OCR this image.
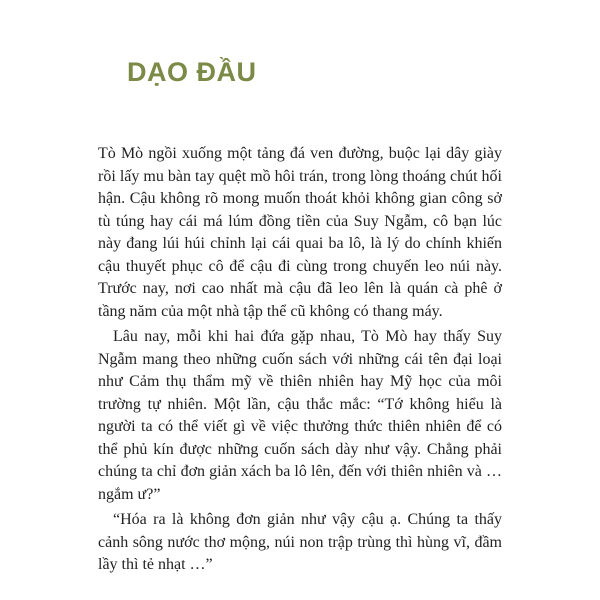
DẠO ĐẦU

Tò Mò ngồi xuống một tảng đá ven đường, buộc lại dây giày rồi lấy mu bàn tay quệt mồ hôi trán, trong lòng thoáng chút hối hận. Cậu không rõ mong muốn thoát khỏi không gian công sở tù túng hay cái má lúm đồng tiền của Suy Ngẫm, cô bạn lúc này đang lúi húi chỉnh lại cái quai ba lô, là lý do chính khiến cậu thuyết phục cô để cậu đi cùng trong chuyến leo núi này. Trước nay, nơi cao nhất mà cậu đã leo lên là quán cà phê ở tầng năm của một nhà tập thể cũ không có thang máy.

Lâu nay, mỗi khi hai đứa gặp nhau, Tò Mò hay thấy Suy Ngẫm mang theo những cuốn sách với những cái tên đại loại như Cảm thụ thẩm mỹ về thiên nhiên hay Mỹ học của môi trường tự nhiên. Một lần, cậu thắc mắc: “Tớ không hiểu là người ta có thể viết gì về việc thưởng thức thiên nhiên để có thể phủ kín được những cuốn sách dày như vậy. Chẳng phải chúng ta chỉ đơn giản xách ba lô lên, đến với thiên nhiên và … ngắm ư?”

“Hóa ra là không đơn giản như vậy cậu ạ. Chúng ta thấy cảnh sông nước thơ mộng, núi non trập trùng thì hùng vĩ, đầm lầy thì tẻ nhạt …”
